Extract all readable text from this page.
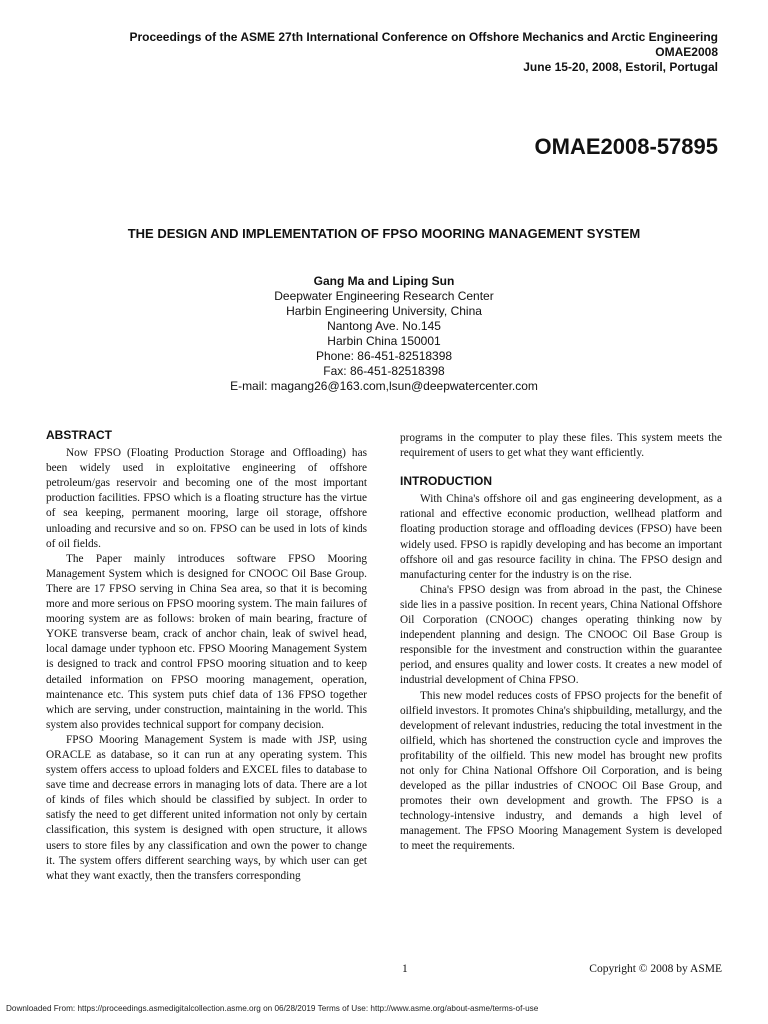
Proceedings of the ASME 27th International Conference on Offshore Mechanics and Arctic Engineering
OMAE2008
June 15-20, 2008, Estoril, Portugal
OMAE2008-57895
THE DESIGN AND IMPLEMENTATION OF FPSO MOORING MANAGEMENT SYSTEM
Gang Ma and Liping Sun
Deepwater Engineering Research Center
Harbin Engineering University, China
Nantong Ave. No.145
Harbin China 150001
Phone: 86-451-82518398
Fax: 86-451-82518398
E-mail: magang26@163.com,lsun@deepwatercenter.com
ABSTRACT

Now FPSO (Floating Production Storage and Offloading) has been widely used in exploitative engineering of offshore petroleum/gas reservoir and becoming one of the most important production facilities. FPSO which is a floating structure has the virtue of sea keeping, permanent mooring, large oil storage, offshore unloading and recursive and so on. FPSO can be used in lots of kinds of oil fields.

The Paper mainly introduces software FPSO Mooring Management System which is designed for CNOOC Oil Base Group. There are 17 FPSO serving in China Sea area, so that it is becoming more and more serious on FPSO mooring system. The main failures of mooring system are as follows: broken of main bearing, fracture of YOKE transverse beam, crack of anchor chain, leak of swivel head, local damage under typhoon etc. FPSO Mooring Management System is designed to track and control FPSO mooring situation and to keep detailed information on FPSO mooring management, operation, maintenance etc. This system puts chief data of 136 FPSO together which are serving, under construction, maintaining in the world. This system also provides technical support for company decision.

FPSO Mooring Management System is made with JSP, using ORACLE as database, so it can run at any operating system. This system offers access to upload folders and EXCEL files to database to save time and decrease errors in managing lots of data. There are a lot of kinds of files which should be classified by subject. In order to satisfy the need to get different united information not only by certain classification, this system is designed with open structure, it allows users to store files by any classification and own the power to change it. The system offers different searching ways, by which user can get what they want exactly, then the transfers corresponding

programs in the computer to play these files. This system meets the requirement of users to get what they want efficiently.

INTRODUCTION

With China's offshore oil and gas engineering development, as a rational and effective economic production, wellhead platform and floating production storage and offloading devices (FPSO) have been widely used. FPSO is rapidly developing and has become an important offshore oil and gas resource facility in china. The FPSO design and manufacturing center for the industry is on the rise.

China's FPSO design was from abroad in the past, the Chinese side lies in a passive position. In recent years, China National Offshore Oil Corporation (CNOOC) changes operating thinking now by independent planning and design. The CNOOC Oil Base Group is responsible for the investment and construction within the guarantee period, and ensures quality and lower costs. It creates a new model of industrial development of China FPSO.

This new model reduces costs of FPSO projects for the benefit of oilfield investors. It promotes China's shipbuilding, metallurgy, and the development of relevant industries, reducing the total investment in the oilfield, which has shortened the construction cycle and improves the profitability of the oilfield. This new model has brought new profits not only for China National Offshore Oil Corporation, and is being developed as the pillar industries of CNOOC Oil Base Group, and promotes their own development and growth. The FPSO is a technology-intensive industry, and demands a high level of management. The FPSO Mooring Management System is developed to meet the requirements.

1	Copyright © 2008 by ASME
Downloaded From: https://proceedings.asmedigitalcollection.asme.org on 06/28/2019 Terms of Use: http://www.asme.org/about-asme/terms-of-use
